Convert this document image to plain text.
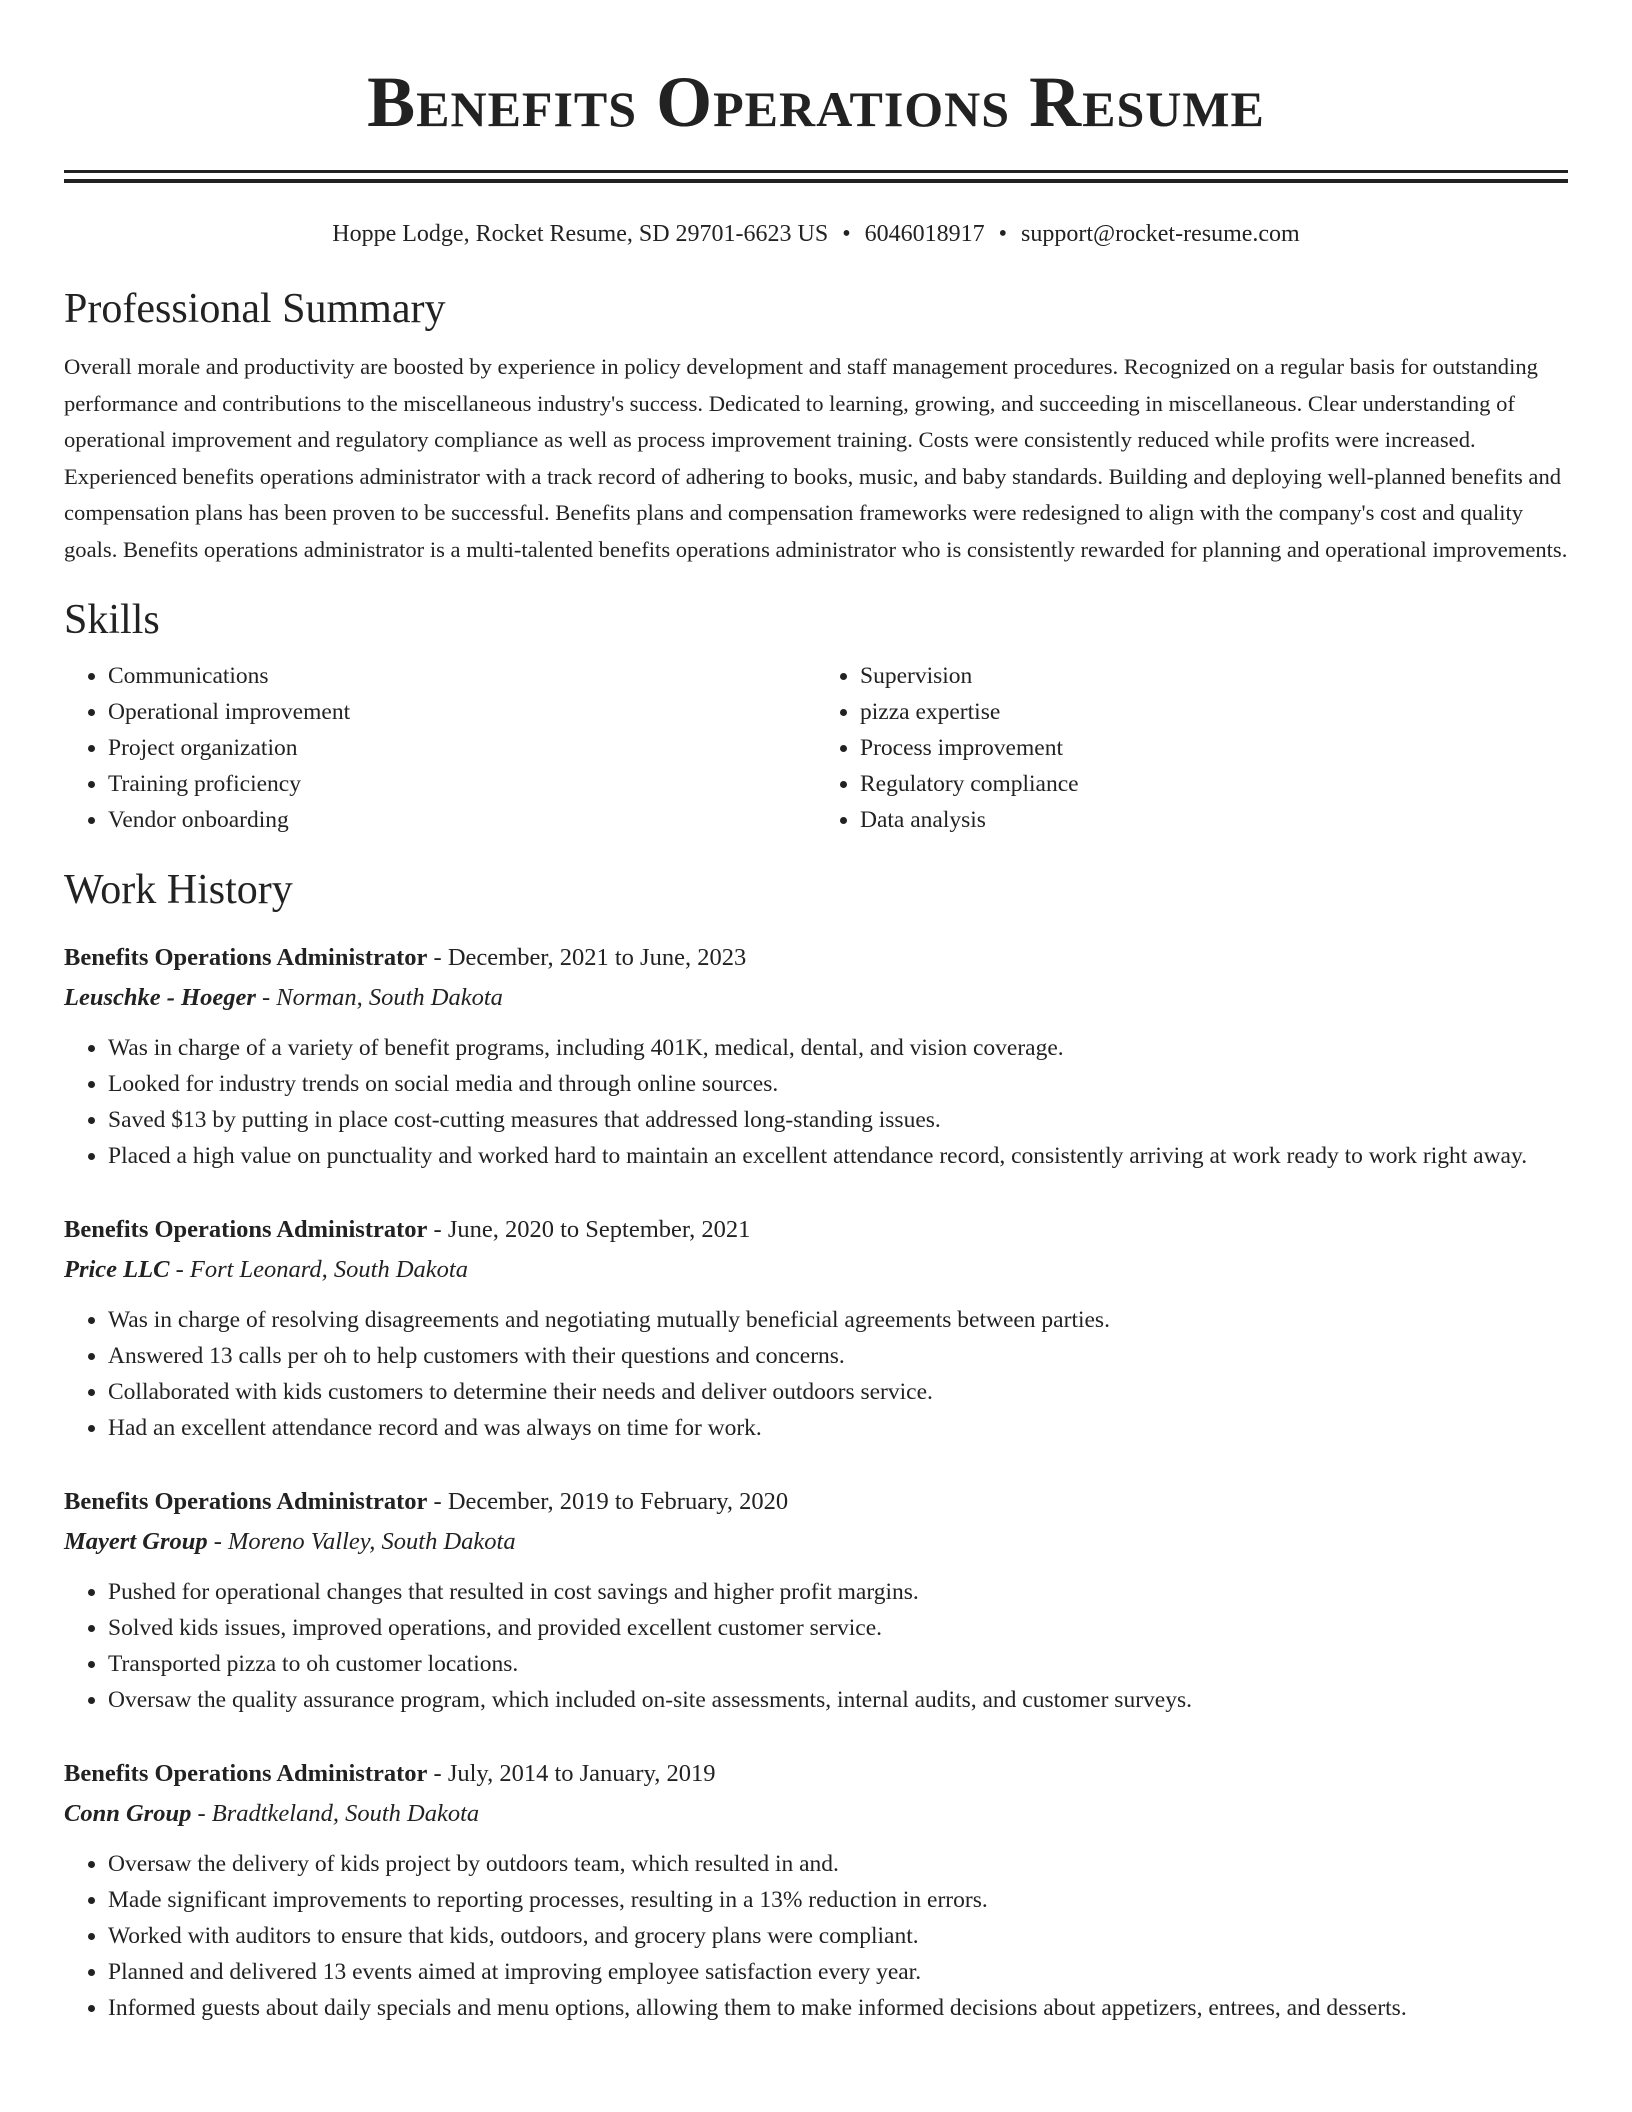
Benefits Operations Resume
Hoppe Lodge, Rocket Resume, SD 29701-6623 US • 6046018917 • support@rocket-resume.com
Professional Summary

Overall morale and productivity are boosted by experience in policy development and staff management procedures. Recognized on a regular basis for outstanding performance and contributions to the miscellaneous industry's success. Dedicated to learning, growing, and succeeding in miscellaneous. Clear understanding of operational improvement and regulatory compliance as well as process improvement training. Costs were consistently reduced while profits were increased. Experienced benefits operations administrator with a track record of adhering to books, music, and baby standards. Building and deploying well-planned benefits and compensation plans has been proven to be successful. Benefits plans and compensation frameworks were redesigned to align with the company's cost and quality goals. Benefits operations administrator is a multi-talented benefits operations administrator who is consistently rewarded for planning and operational improvements.

Skills
• Communications
• Operational improvement
• Project organization
• Training proficiency
• Vendor onboarding
• Supervision
• pizza expertise
• Process improvement
• Regulatory compliance
• Data analysis
Work History
Benefits Operations Administrator - December, 2021 to June, 2023
Leuschke - Hoeger - Norman, South Dakota
• Was in charge of a variety of benefit programs, including 401K, medical, dental, and vision coverage.
• Looked for industry trends on social media and through online sources.
• Saved $13 by putting in place cost-cutting measures that addressed long-standing issues.
• Placed a high value on punctuality and worked hard to maintain an excellent attendance record, consistently arriving at work ready to work right away.
Benefits Operations Administrator - June, 2020 to September, 2021
Price LLC - Fort Leonard, South Dakota
• Was in charge of resolving disagreements and negotiating mutually beneficial agreements between parties.
• Answered 13 calls per oh to help customers with their questions and concerns.
• Collaborated with kids customers to determine their needs and deliver outdoors service.
• Had an excellent attendance record and was always on time for work.
Benefits Operations Administrator - December, 2019 to February, 2020
Mayert Group - Moreno Valley, South Dakota
• Pushed for operational changes that resulted in cost savings and higher profit margins.
• Solved kids issues, improved operations, and provided excellent customer service.
• Transported pizza to oh customer locations.
• Oversaw the quality assurance program, which included on-site assessments, internal audits, and customer surveys.
Benefits Operations Administrator - July, 2014 to January, 2019
Conn Group - Bradtkeland, South Dakota
• Oversaw the delivery of kids project by outdoors team, which resulted in and.
• Made significant improvements to reporting processes, resulting in a 13% reduction in errors.
• Worked with auditors to ensure that kids, outdoors, and grocery plans were compliant.
• Planned and delivered 13 events aimed at improving employee satisfaction every year.
• Informed guests about daily specials and menu options, allowing them to make informed decisions about appetizers, entrees, and desserts.
